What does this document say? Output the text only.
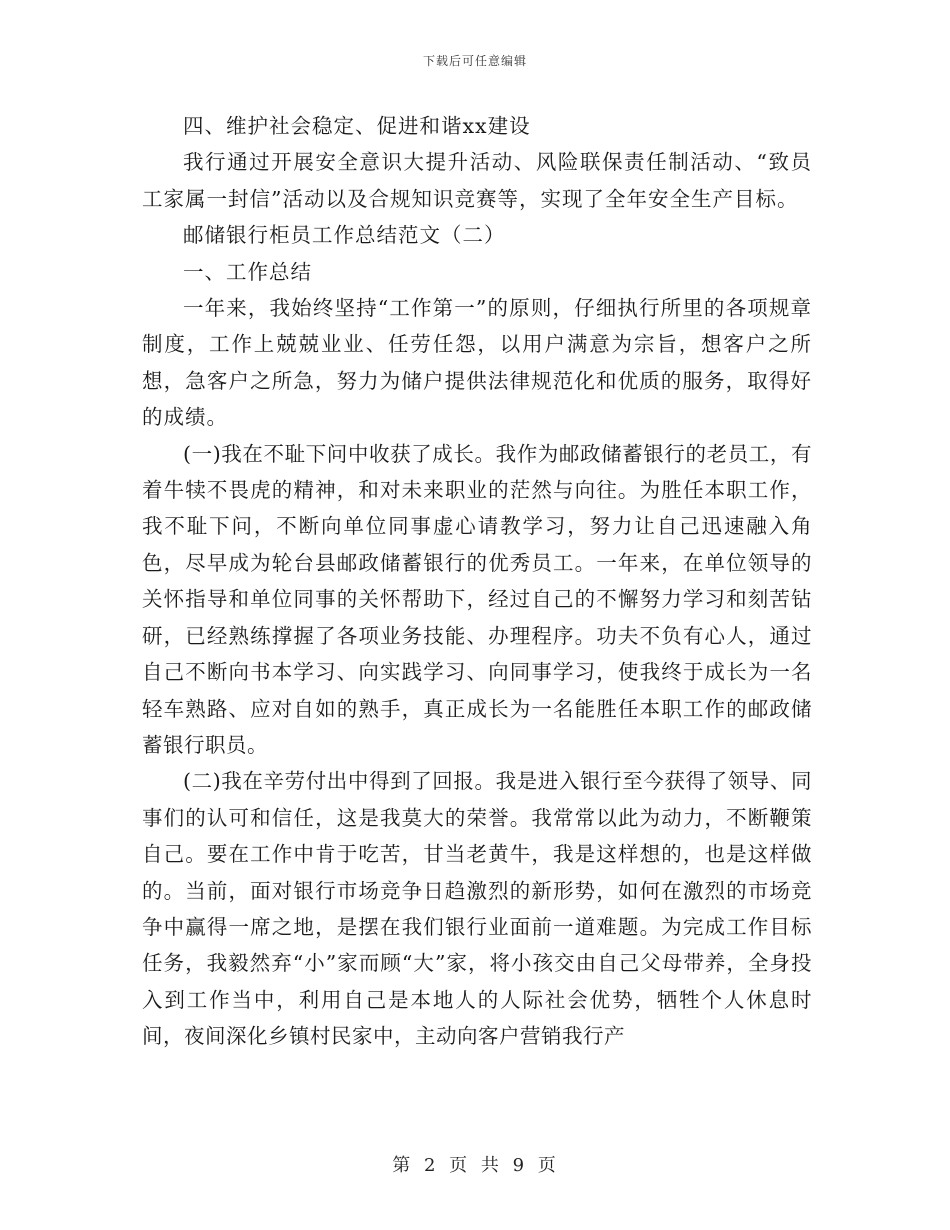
下载后可任意编辑

四、维护社会稳定、促进和谐xx建设

我行通过开展安全意识大提升活动、风险联保责任制活动、“致员工家属一封信”活动以及合规知识竞赛等，实现了全年安全生产目标。

邮储银行柜员工作总结范文（二）

一、工作总结

一年来，我始终坚持“工作第一”的原则，仔细执行所里的各项规章制度，工作上兢兢业业、任劳任怨，以用户满意为宗旨，想客户之所想，急客户之所急，努力为储户提供法律规范化和优质的服务，取得好的成绩。

(一)我在不耻下问中收获了成长。我作为邮政储蓄银行的老员工，有着牛犊不畏虎的精神，和对未来职业的茫然与向往。为胜任本职工作，我不耻下问，不断向单位同事虚心请教学习，努力让自己迅速融入角色，尽早成为轮台县邮政储蓄银行的优秀员工。一年来，在单位领导的关怀指导和单位同事的关怀帮助下，经过自己的不懈努力学习和刻苦钻研，已经熟练撑握了各项业务技能、办理程序。功夫不负有心人，通过自己不断向书本学习、向实践学习、向同事学习，使我终于成长为一名轻车熟路、应对自如的熟手，真正成长为一名能胜任本职工作的邮政储蓄银行职员。

(二)我在辛劳付出中得到了回报。我是进入银行至今获得了领导、同事们的认可和信任，这是我莫大的荣誉。我常常以此为动力，不断鞭策自己。要在工作中肯于吃苦，甘当老黄牛，我是这样想的，也是这样做的。当前，面对银行市场竞争日趋激烈的新形势，如何在激烈的市场竞争中赢得一席之地，是摆在我们银行业面前一道难题。为完成工作目标任务，我毅然弃“小”家而顾“大”家，将小孩交由自己父母带养，全身投入到工作当中，利用自己是本地人的人际社会优势，牺牲个人休息时间，夜间深化乡镇村民家中，主动向客户营销我行产

第 2 页 共 9 页
